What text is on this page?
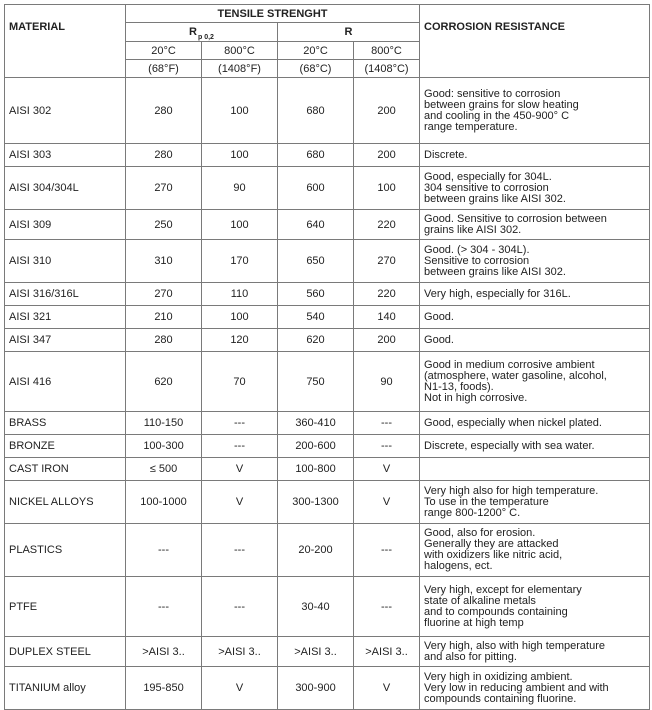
MATERIAL	TENSILE STRENGHT				CORROSION RESISTANCE
	$R_{p 0,2}$		R		
	20°C	800°C	20°C	800°C	
	(68°F)	(1408°F)	(68°C)	(1408°C)	
AISI 302	280	100	680	200	Good: sensitive to corrosion
between grains for slow heating
and cooling in the 450-900° C
range temperature.

AISI 303	280	100	680	200	Discrete.

AISI 304/304L	270	90	600	100	Good, especially for 304L.
304 sensitive to corrosion
between grains like AISI 302.

AISI 309	250	100	640	220	Good. Sensitive to corrosion between
grains like AISI 302.

AISI 310	310	170	650	270	Good. (> 304 - 304L).
Sensitive to corrosion
between grains like AISI 302.

AISI 316/316L	270	110	560	220	Very high, especially for 316L.

AISI 321	210	100	540	140	Good.

AISI 347	280	120	620	200	Good.

AISI 416	620	70	750	90	Good in medium corrosive ambient
(atmosphere, water gasoline, alcohol,
N1-13, foods).
Not in high corrosive.

BRASS	110-150	---	360-410	---	Good, especially when nickel plated.

BRONZE	100-300	---	200-600	---	Discrete, especially with sea water.

CAST IRON	≤ 500	V	100-800	V	

NICKEL ALLOYS	100-1000	V	300-1300	V	Very high also for high temperature.
To use in the temperature
range 800-1200° C.

PLASTICS	---	---	20-200	---	Good, also for erosion.
Generally they are attacked
with oxidizers like nitric acid,
halogens, ect.

PTFE	---	---	30-40	---	Very high, except for elementary
state of alkaline metals
and to compounds containing
fluorine at high temp

DUPLEX STEEL	>AISI 3..	>AISI 3..	>AISI 3..	>AISI 3..	Very high, also with high temperature
and also for pitting.

TITANIUM alloy	195-850	V	300-900	V	Very high in oxidizing ambient.
Very low in reducing ambient and with
compounds containing fluorine.
